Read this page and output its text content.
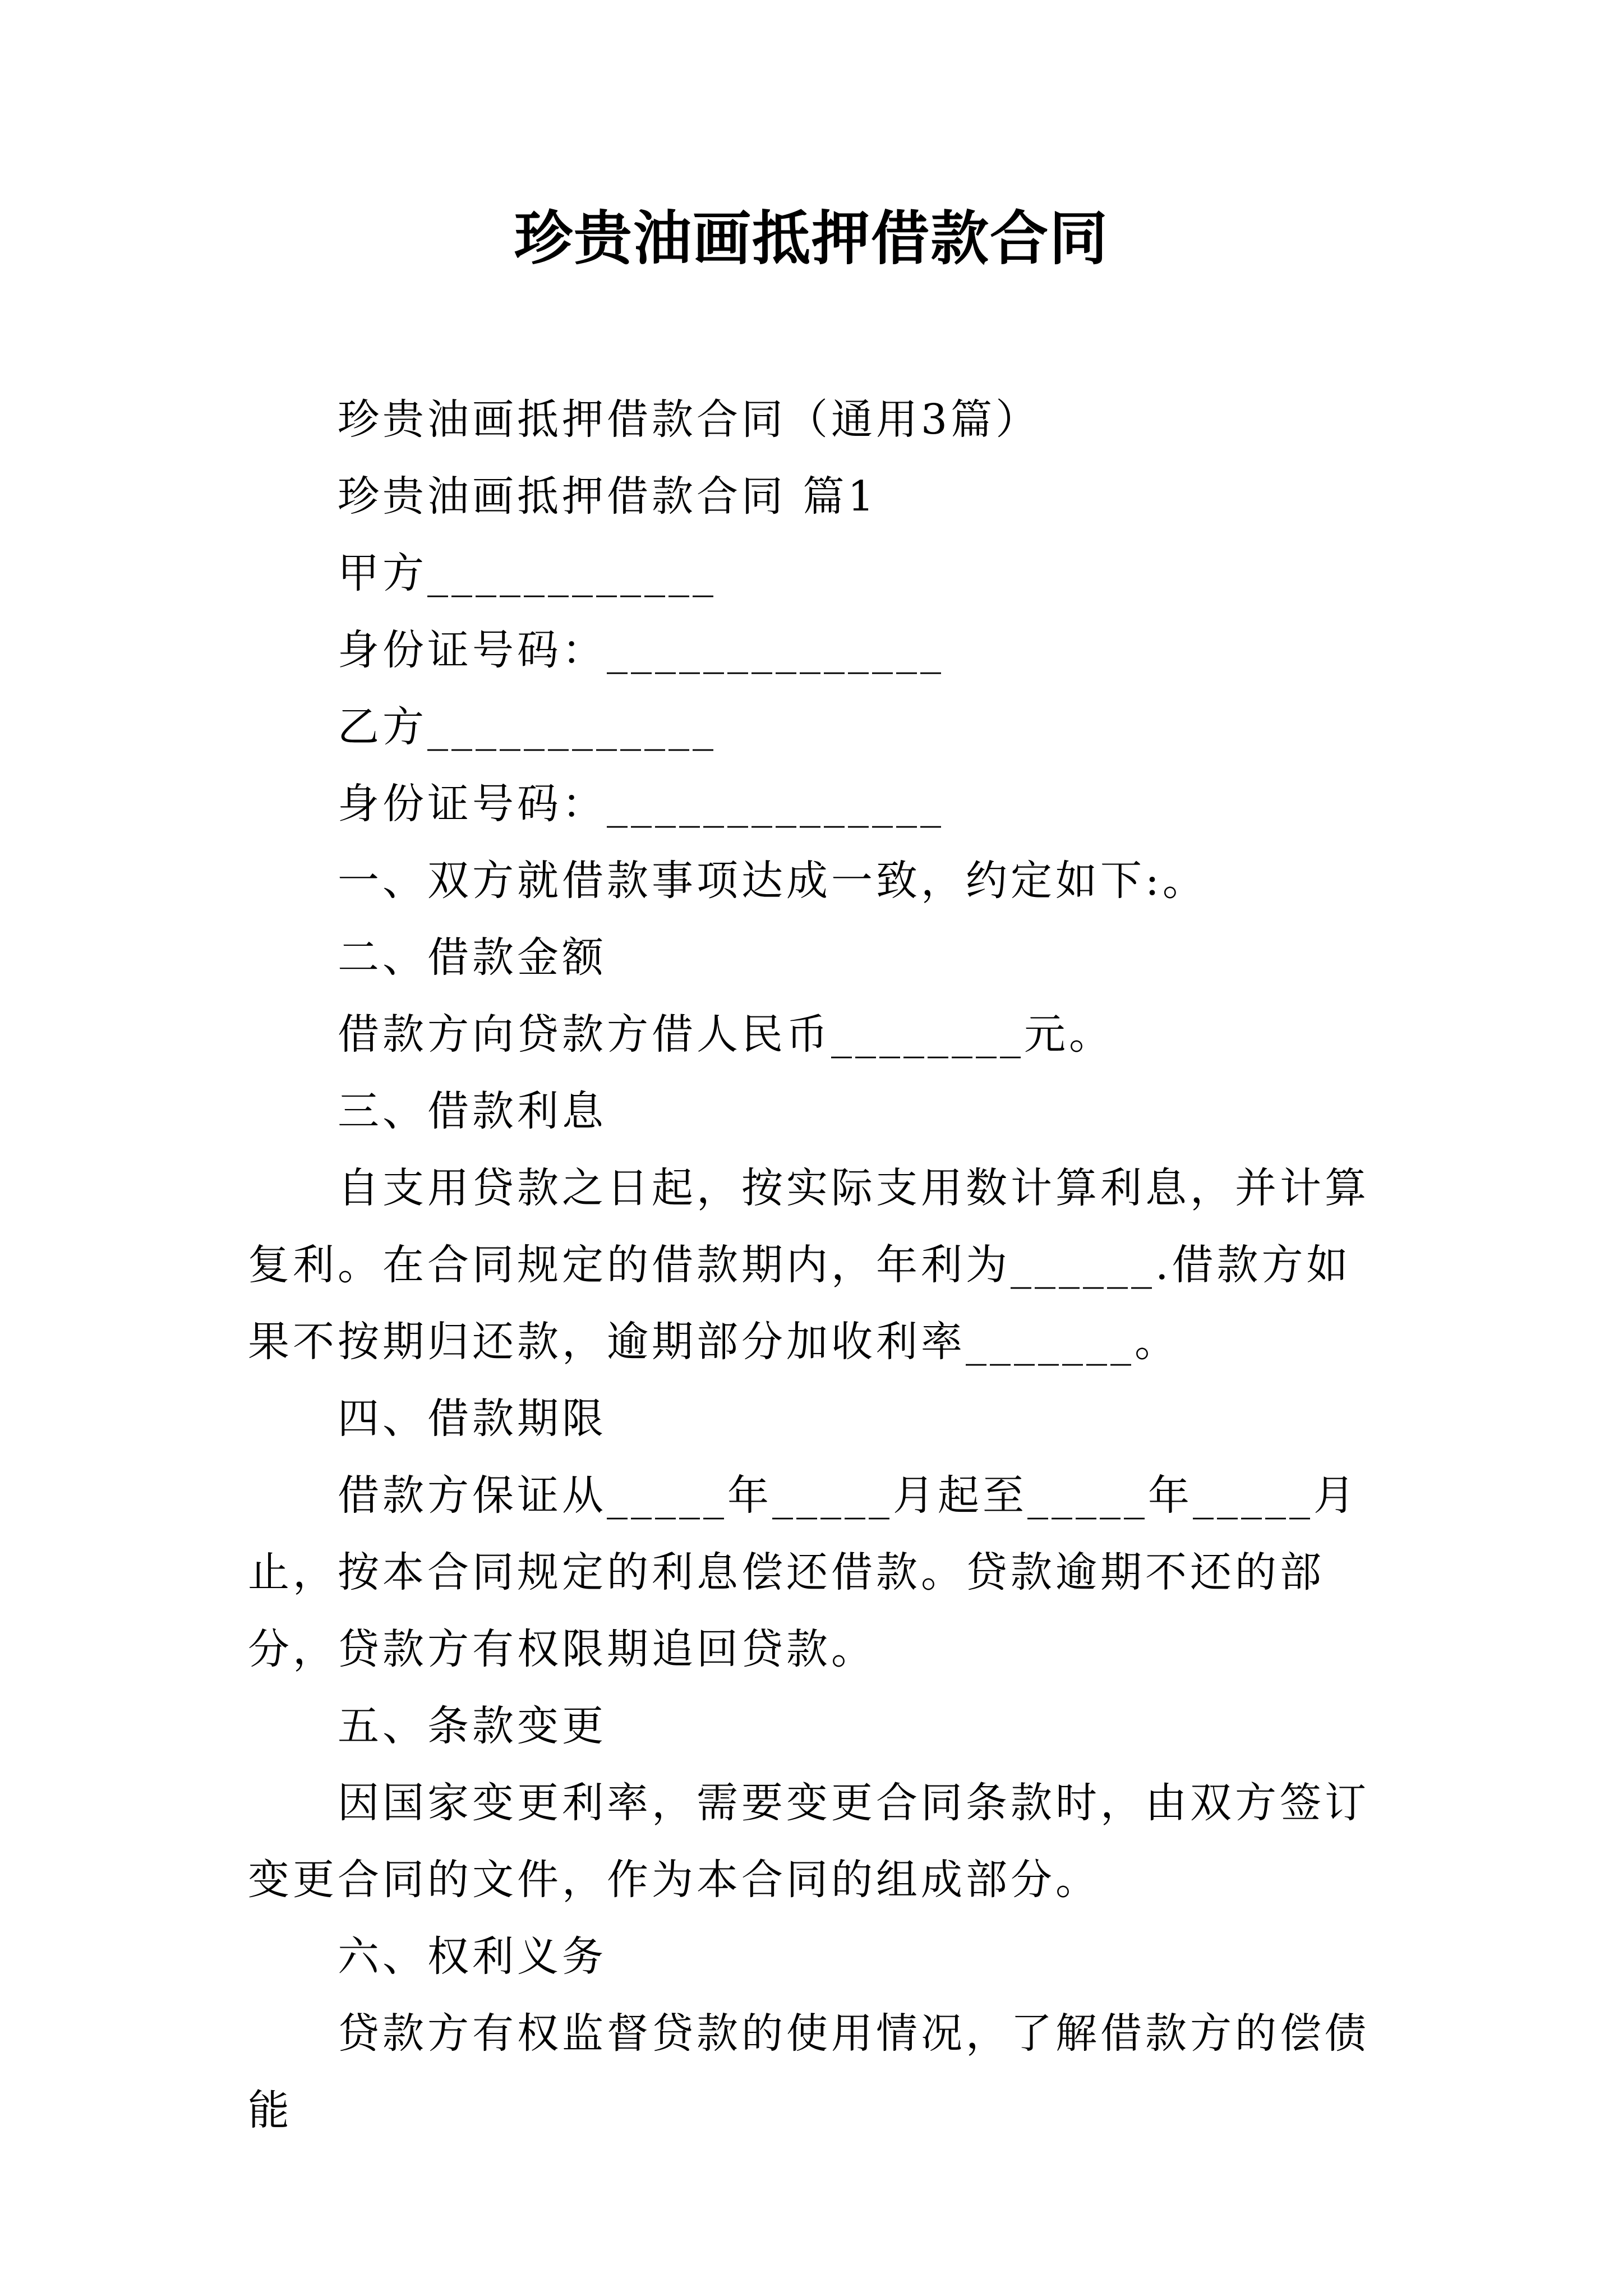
珍贵油画抵押借款合同

珍贵油画抵押借款合同（通用3篇）

珍贵油画抵押借款合同 篇1

甲方____________

身份证号码：______________

乙方____________

身份证号码：______________

一、双方就借款事项达成一致，约定如下:。

二、借款金额

借款方向贷款方借人民币________元。

三、借款利息

自支用贷款之日起，按实际支用数计算利息，并计算复利。在合同规定的借款期内，年利为______.借款方如果不按期归还款，逾期部分加收利率_______。

四、借款期限

借款方保证从_____年_____月起至_____年_____月止，按本合同规定的利息偿还借款。贷款逾期不还的部分，贷款方有权限期追回贷款。

五、条款变更

因国家变更利率，需要变更合同条款时，由双方签订变更合同的文件，作为本合同的组成部分。

六、权利义务

贷款方有权监督贷款的使用情况，了解借款方的偿债能
